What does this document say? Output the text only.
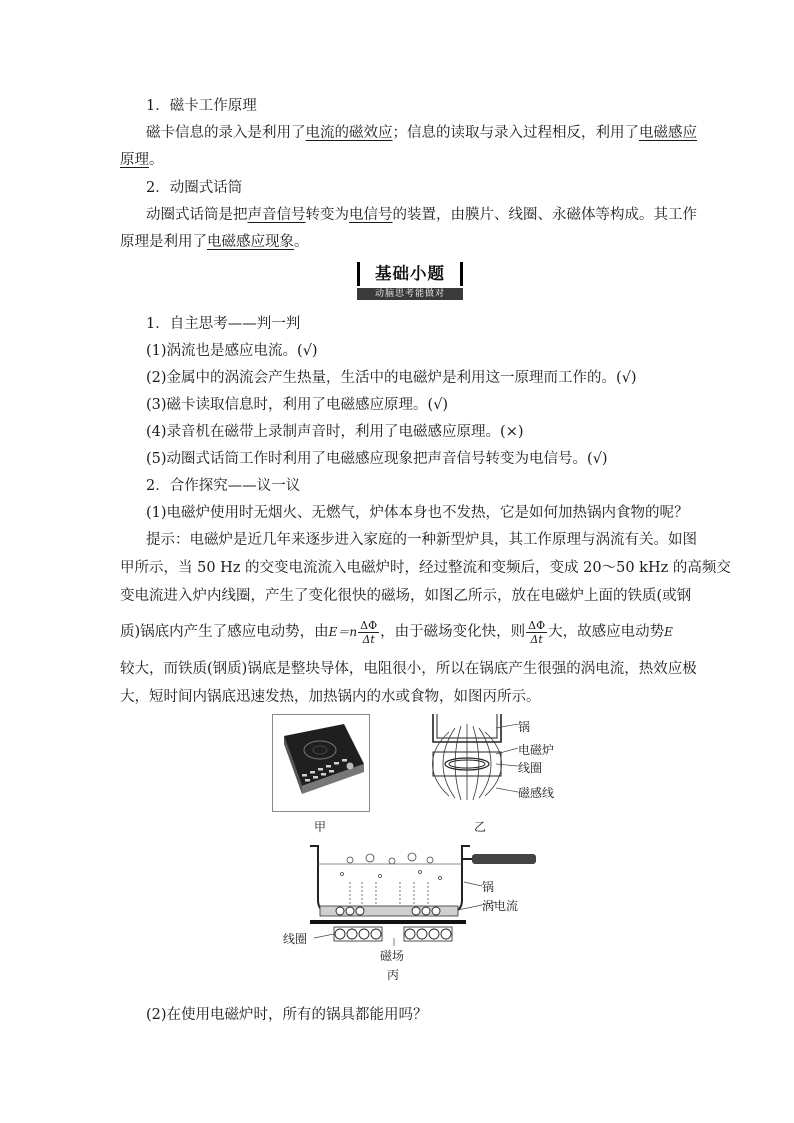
1．磁卡工作原理
磁卡信息的录入是利用了电流的磁效应；信息的读取与录入过程相反，利用了电磁感应
原理。
2．动圈式话筒
动圈式话筒是把声音信号转变为电信号的装置，由膜片、线圈、永磁体等构成。其工作
原理是利用了电磁感应现象。
基础小题
动脑思考能做对
1．自主思考——判一判
(1)涡流也是感应电流。(√)
(2)金属中的涡流会产生热量，生活中的电磁炉是利用这一原理而工作的。(√)
(3)磁卡读取信息时，利用了电磁感应原理。(√)
(4)录音机在磁带上录制声音时，利用了电磁感应原理。(×)
(5)动圈式话筒工作时利用了电磁感应现象把声音信号转变为电信号。(√)
2．合作探究——议一议
(1)电磁炉使用时无烟火、无燃气，炉体本身也不发热，它是如何加热锅内食物的呢？
提示：电磁炉是近几年来逐步进入家庭的一种新型炉具，其工作原理与涡流有关。如图
甲所示，当 50 Hz 的交变电流流入电磁炉时，经过整流和变频后，变成 20～50 kHz 的高频交
变电流进入炉内线圈，产生了变化很快的磁场，如图乙所示，放在电磁炉上面的铁质(或钢
质)锅底内产生了感应电动势，由$E=n \frac{\Delta\Phi}{\Delta t}$ ，由于磁场变化快，则 $\frac{\Delta\Phi}{\Delta t}$ 大，故感应电动势E
较大，而铁质(钢质)锅底是整块导体，电阻很小，所以在锅底产生很强的涡电流，热效应极
大，短时间内锅底迅速发热，加热锅内的水或食物，如图丙所示。
甲
锅
电磁炉
线圈
磁感线
乙
锅
涡电流
线圈
磁场
丙
(2)在使用电磁炉时，所有的锅具都能用吗？
